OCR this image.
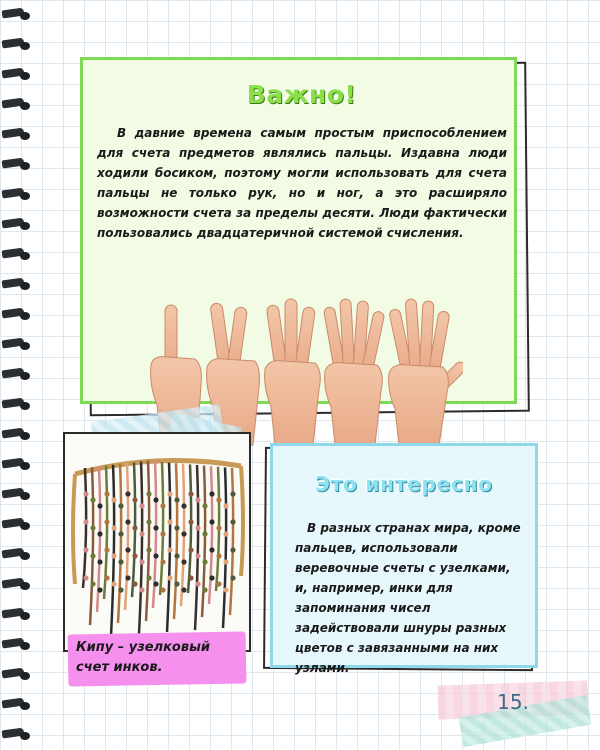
Важно!
В давние времена самым простым приспособлением для счета предметов являлись пальцы. Издавна люди ходили босиком, поэтому могли использовать для счета пальцы не только рук, но и ног, а это расширяло возможности счета за пределы десяти. Люди фактически пользовались двадцатеричной системой счисления.
Кипу – узелковый счет инков.
Это интересно
В разных странах мира, кроме пальцев, использовали веревочные счеты с узелками, и, например, инки для запоминания чисел задействовали шнуры разных цветов с завязанными на них узлами.
15.
